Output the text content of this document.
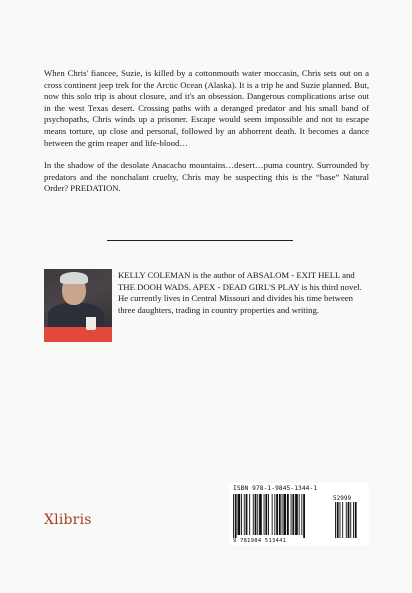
When Chris' fiancee, Suzie, is killed by a cottonmouth water moccasin, Chris sets out on a cross continent jeep trek for the Arctic Ocean (Alaska). It is a trip he and Suzie planned. But, now this solo trip is about closure, and it's an obsession. Dangerous complications arise out in the west Texas desert. Crossing paths with a deranged predator and his small band of psychopaths, Chris winds up a prisoner. Escape would seem impossible and not to escape means torture, up close and personal, followed by an abhorrent death. It becomes a dance between the grim reaper and life-blood…

In the shadow of the desolate Anacacho mountains…desert…puma country. Surrounded by predators and the nonchalant cruelty, Chris may be suspecting this is the “base” Natural Order? PREDATION.

KELLY COLEMAN is the author of ABSALOM - EXIT HELL and THE DOOH WADS. APEX - DEAD GIRL'S PLAY is his third novel. He currently lives in Central Missouri and divides his time between three daughters, trading in country properties and writing.
Xlibris
ISBN 978-1-9845-1344-1
52999
9 781984 513441
